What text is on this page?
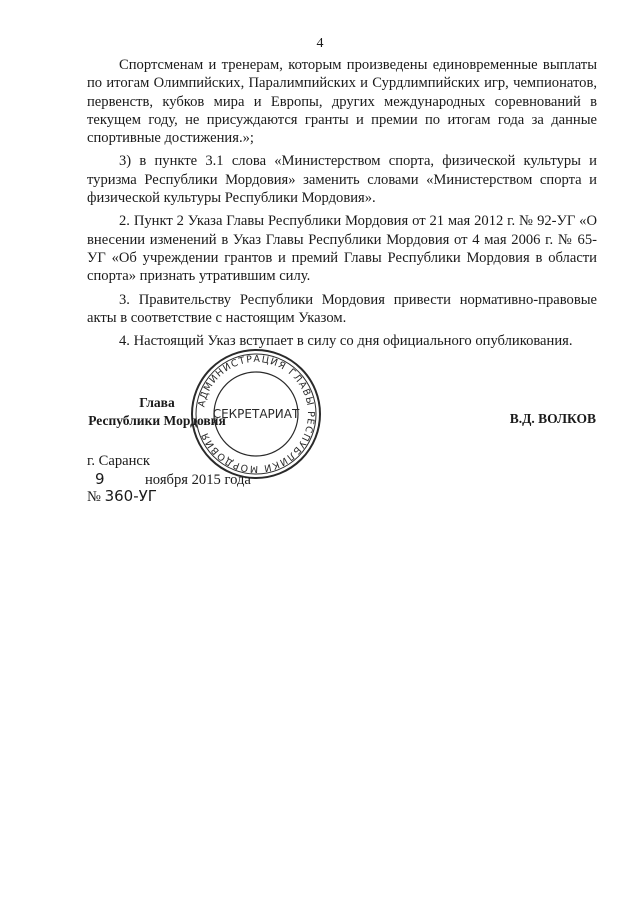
4

Спортсменам и тренерам, которым произведены единовременные выплаты по итогам Олимпийских, Паралимпийских и Сурдлимпийских игр, чемпионатов, первенств, кубков мира и Европы, других международных соревнований в текущем году, не присуждаются гранты и премии по итогам года за данные спортивные достижения.»;

3) в пункте 3.1 слова «Министерством спорта, физической культуры и туризма Республики Мордовия» заменить словами «Министерством спорта и физической культуры Республики Мордовия».

2. Пункт 2 Указа Главы Республики Мордовия от 21 мая 2012 г. № 92-УГ «О внесении изменений в Указ Главы Республики Мордовия от 4 мая 2006 г. № 65-УГ «Об учреждении грантов и премий Главы Республики Мордовия в области спорта» признать утратившим силу.

3. Правительству Республики Мордовия привести нормативно-правовые акты в соответствие с настоящим Указом.

4. Настоящий Указ вступает в силу со дня официального опубликования.

АДМИНИСТРАЦИЯ ГЛАВЫ РЕСПУБЛИКИ МОРДОВИЯ
СЕКРЕТАРИАТ
Глава
Республики Мордовия	В.Д. ВОЛКОВ
г. Саранск
9	ноября 2015 года
№ 360-УГ
